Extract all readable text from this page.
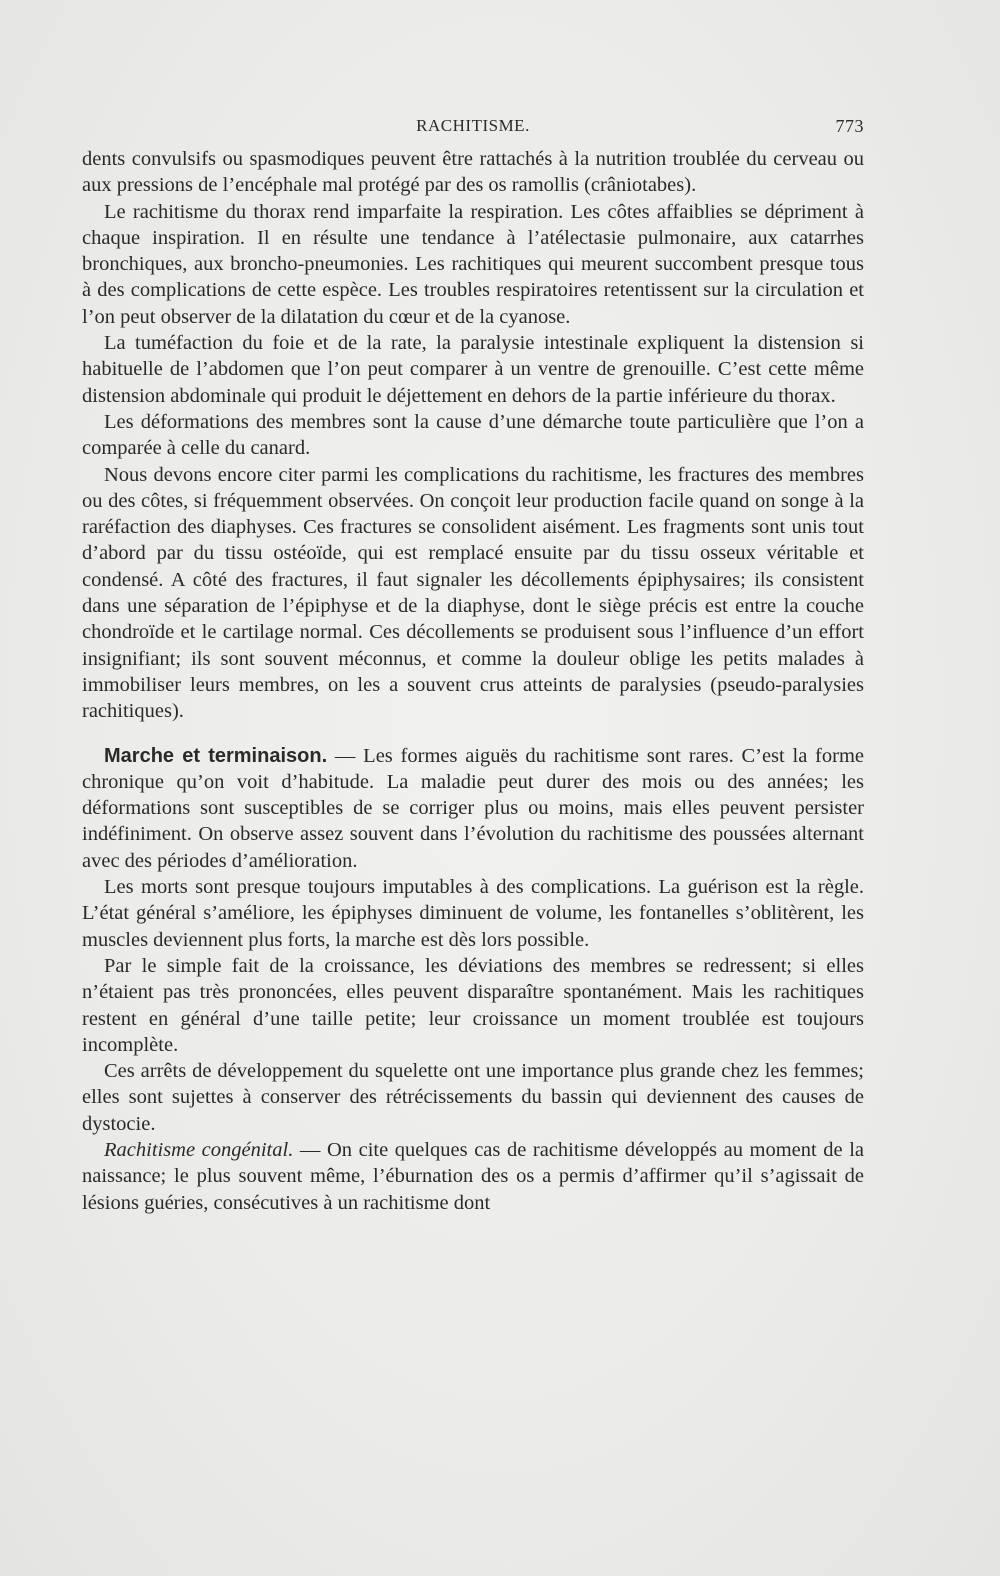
RACHITISME.	773

dents convulsifs ou spasmodiques peuvent être rattachés à la nutrition troublée du cerveau ou aux pressions de l’encéphale mal protégé par des os ramollis (crâniotabes).

Le rachitisme du thorax rend imparfaite la respiration. Les côtes affaiblies se dépriment à chaque inspiration. Il en résulte une tendance à l’atélectasie pulmonaire, aux catarrhes bronchiques, aux broncho-pneumonies. Les rachitiques qui meurent succombent presque tous à des complications de cette espèce. Les troubles respiratoires retentissent sur la circulation et l’on peut observer de la dilatation du cœur et de la cyanose.

La tuméfaction du foie et de la rate, la paralysie intestinale expliquent la distension si habituelle de l’abdomen que l’on peut comparer à un ventre de grenouille. C’est cette même distension abdominale qui produit le déjettement en dehors de la partie inférieure du thorax.

Les déformations des membres sont la cause d’une démarche toute particulière que l’on a comparée à celle du canard.

Nous devons encore citer parmi les complications du rachitisme, les fractures des membres ou des côtes, si fréquemment observées. On conçoit leur production facile quand on songe à la raréfaction des diaphyses. Ces fractures se consolident aisément. Les fragments sont unis tout d’abord par du tissu ostéoïde, qui est remplacé ensuite par du tissu osseux véritable et condensé. A côté des fractures, il faut signaler les décollements épiphysaires; ils consistent dans une séparation de l’épiphyse et de la diaphyse, dont le siège précis est entre la couche chondroïde et le cartilage normal. Ces décollements se produisent sous l’influence d’un effort insignifiant; ils sont souvent méconnus, et comme la douleur oblige les petits malades à immobiliser leurs membres, on les a souvent crus atteints de paralysies (pseudo-paralysies rachitiques).

Marche et terminaison. — Les formes aiguës du rachitisme sont rares. C’est la forme chronique qu’on voit d’habitude. La maladie peut durer des mois ou des années; les déformations sont susceptibles de se corriger plus ou moins, mais elles peuvent persister indéfiniment. On observe assez souvent dans l’évolution du rachitisme des poussées alternant avec des périodes d’amélioration.

Les morts sont presque toujours imputables à des complications. La guérison est la règle. L’état général s’améliore, les épiphyses diminuent de volume, les fontanelles s’oblitèrent, les muscles deviennent plus forts, la marche est dès lors possible.

Par le simple fait de la croissance, les déviations des membres se redressent; si elles n’étaient pas très prononcées, elles peuvent disparaître spontanément. Mais les rachitiques restent en général d’une taille petite; leur croissance un moment troublée est toujours incomplète.

Ces arrêts de développement du squelette ont une importance plus grande chez les femmes; elles sont sujettes à conserver des rétrécissements du bassin qui deviennent des causes de dystocie.

Rachitisme congénital. — On cite quelques cas de rachitisme développés au moment de la naissance; le plus souvent même, l’éburnation des os a permis d’affirmer qu’il s’agissait de lésions guéries, consécutives à un rachitisme dont
